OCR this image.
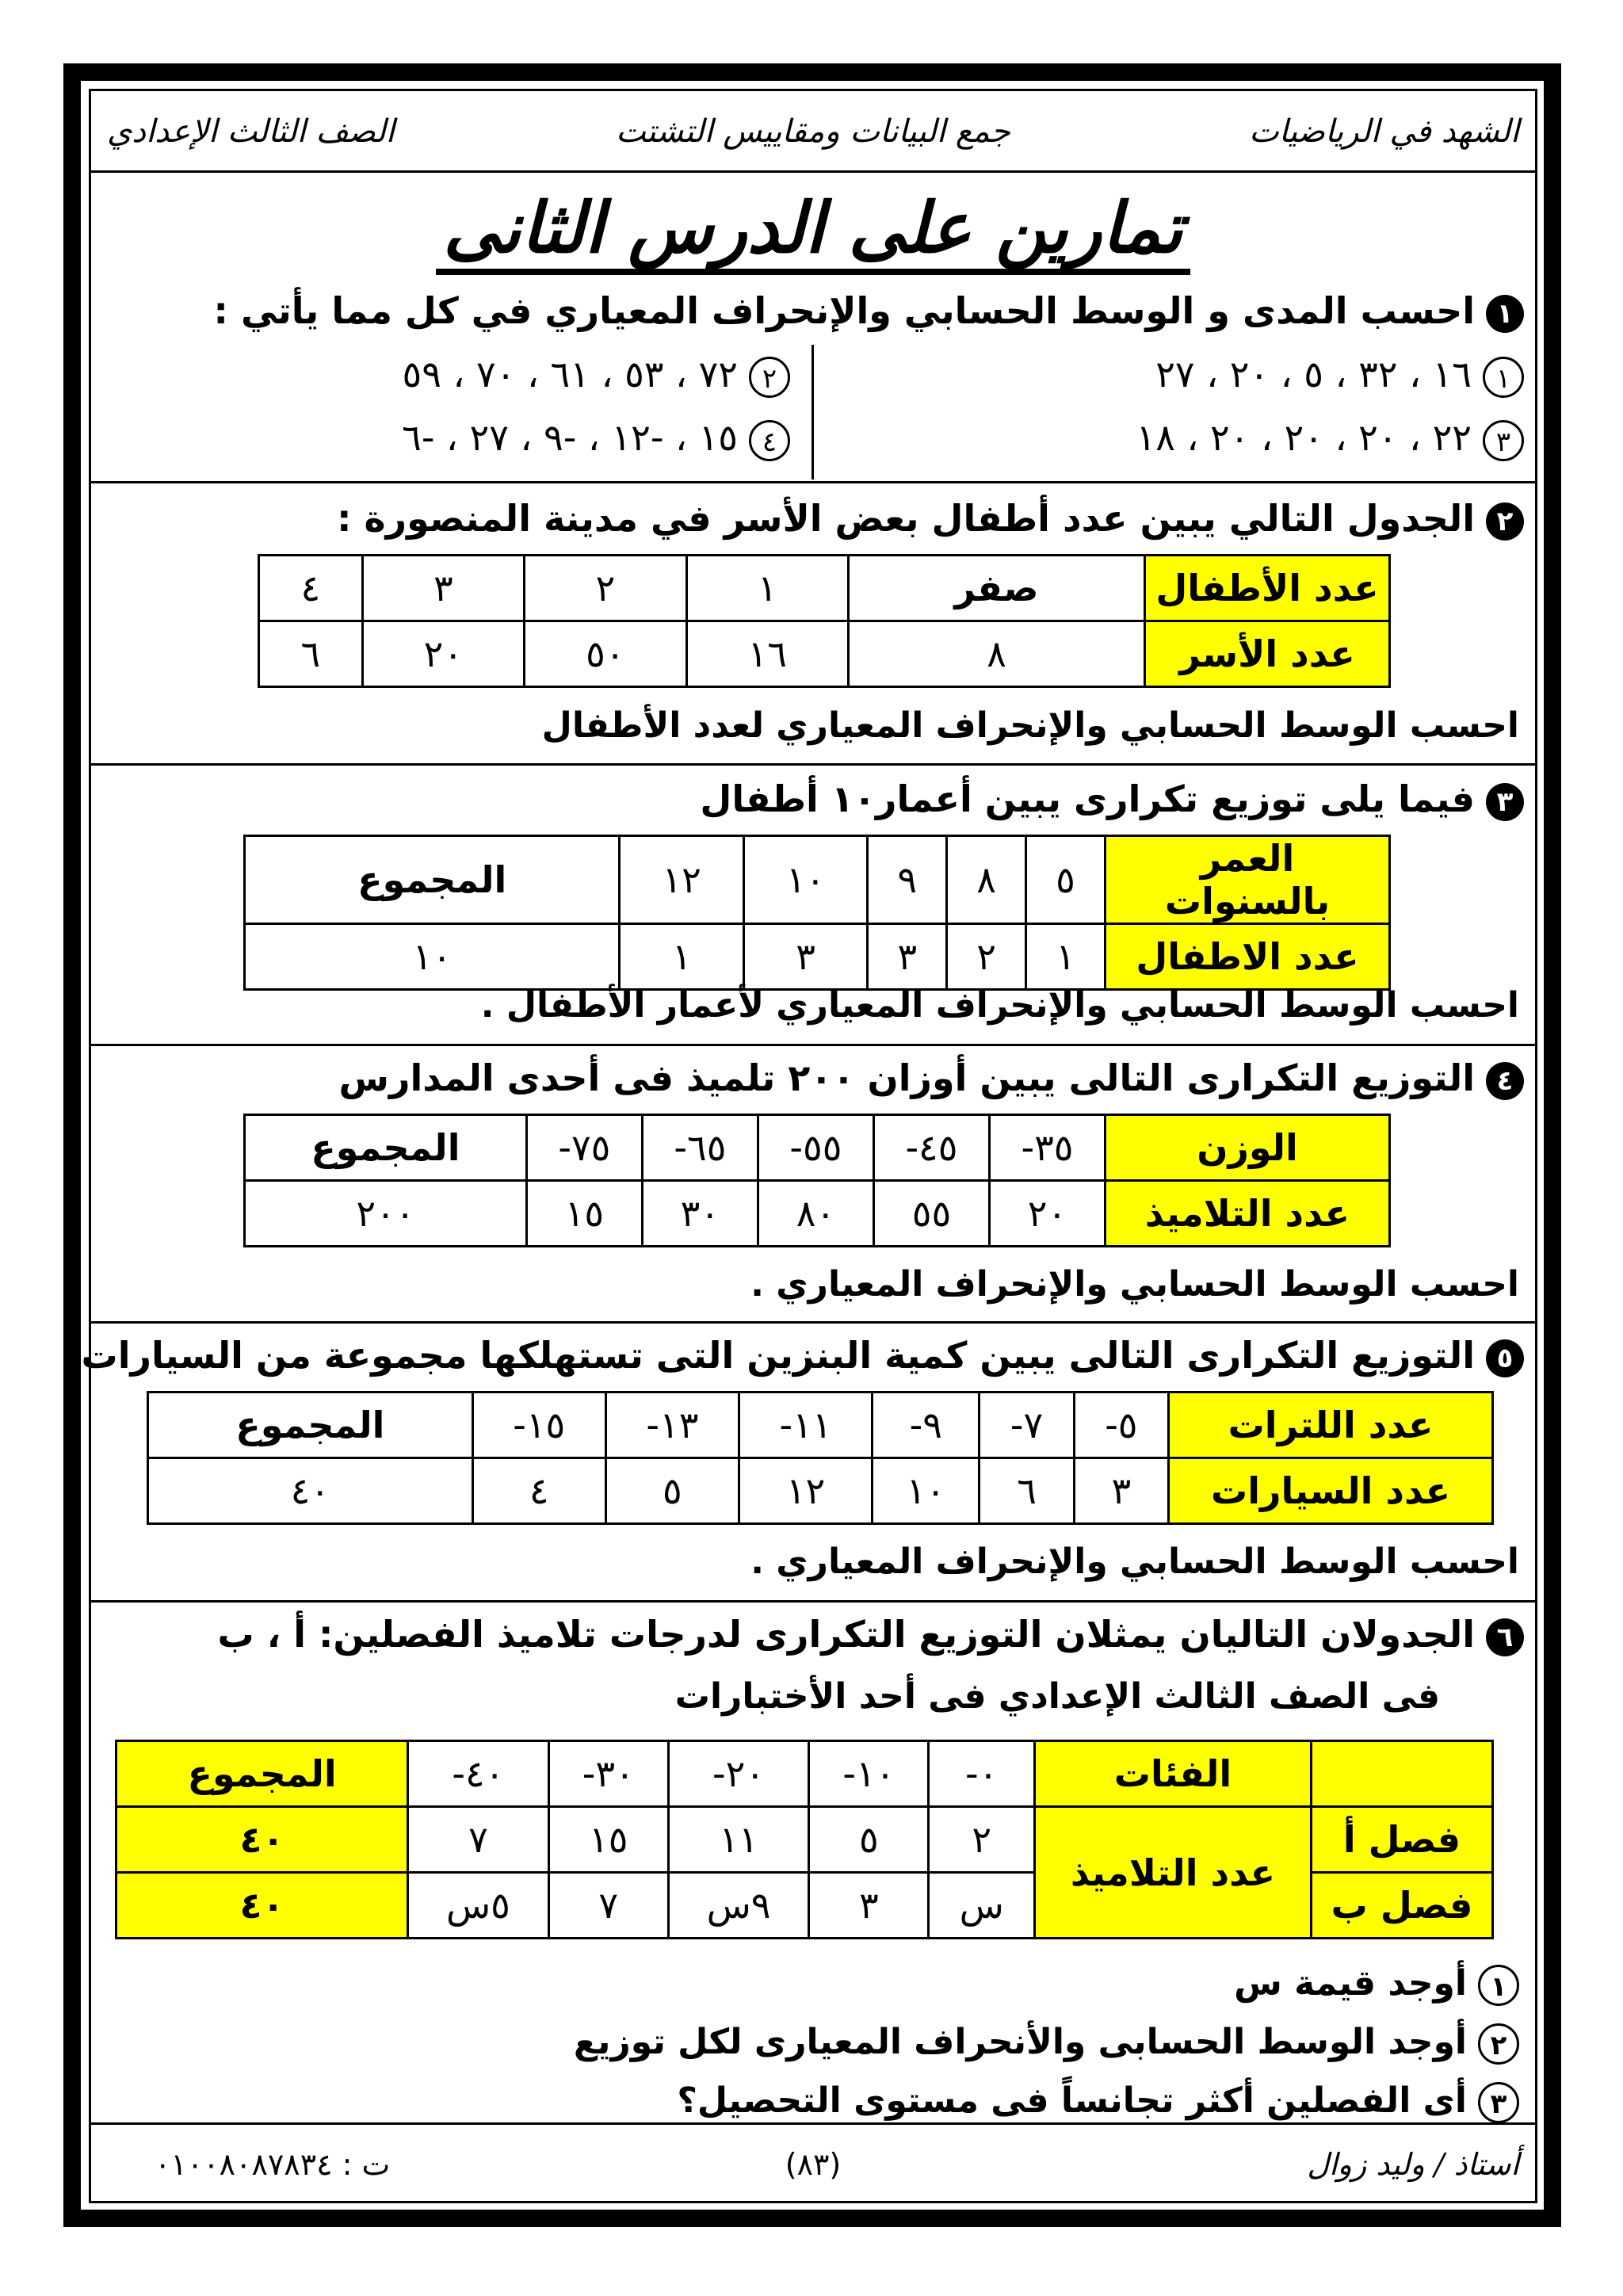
الشهد في الرياضيات
جمع البيانات ومقاييس التشتت
الصف الثالث الإعدادي
تمارين على الدرس الثانى
١احسب المدى و الوسط الحسابي والإنحراف المعياري في كل مما يأتي :
١١٦ ، ٣٢ ، ٥ ، ٢٠ ، ٢٧
٢٧٢ ، ٥٣ ، ٦١ ، ٧٠ ، ٥٩
٣٢٢ ، ٢٠ ، ٢٠ ، ٢٠ ، ١٨
٤١٥ ، -١٢ ، -٩ ، ٢٧ ، -٦
٢الجدول التالي يبين عدد أطفال بعض الأسر في مدينة المنصورة :
عدد الأطفال	صفر	١	٢	٣	٤
عدد الأسر	٨	١٦	٥٠	٢٠	٦
احسب الوسط الحسابي والإنحراف المعياري لعدد الأطفال
٣فيما يلى توزيع تكرارى يبين أعمار١٠ أطفال
العمر بالسنوات	٥	٨	٩	١٠	١٢	المجموع
عدد الاطفال	١	٢	٣	٣	١	١٠
احسب الوسط الحسابي والإنحراف المعياري لأعمار الأطفال .
٤التوزيع التكرارى التالى يبين أوزان ٢٠٠ تلميذ فى أحدى المدارس
الوزن	٣٥-	٤٥-	٥٥-	٦٥-	٧٥-	المجموع
عدد التلاميذ	٢٠	٥٥	٨٠	٣٠	١٥	٢٠٠
احسب الوسط الحسابي والإنحراف المعياري .
٥التوزيع التكرارى التالى يبين كمية البنزين التى تستهلكها مجموعة من السيارات
عدد اللترات	٥-	٧-	٩-	١١-	١٣-	١٥-	المجموع
عدد السيارات	٣	٦	١٠	١٢	٥	٤	٤٠
احسب الوسط الحسابي والإنحراف المعياري .
٦الجدولان التاليان يمثلان التوزيع التكرارى لدرجات تلاميذ الفصلين: أ ، ب
فى الصف الثالث الإعدادي فى أحد الأختبارات
	الفئات	٠-	١٠-	٢٠-	٣٠-	٤٠-	المجموع
فصل أ	عدد التلاميذ	٢	٥	١١	١٥	٧	٤٠
فصل ب		س	٣	٩س	٧	٥س	٤٠
١أوجد قيمة س
٢أوجد الوسط الحسابى والأنحراف المعيارى لكل توزيع
٣أى الفصلين أكثر تجانساً فى مستوى التحصيل؟
أستاذ / وليد زوال
(٨٣)
ت : ٠١٠٠٨٠٨٧٨٣٤
